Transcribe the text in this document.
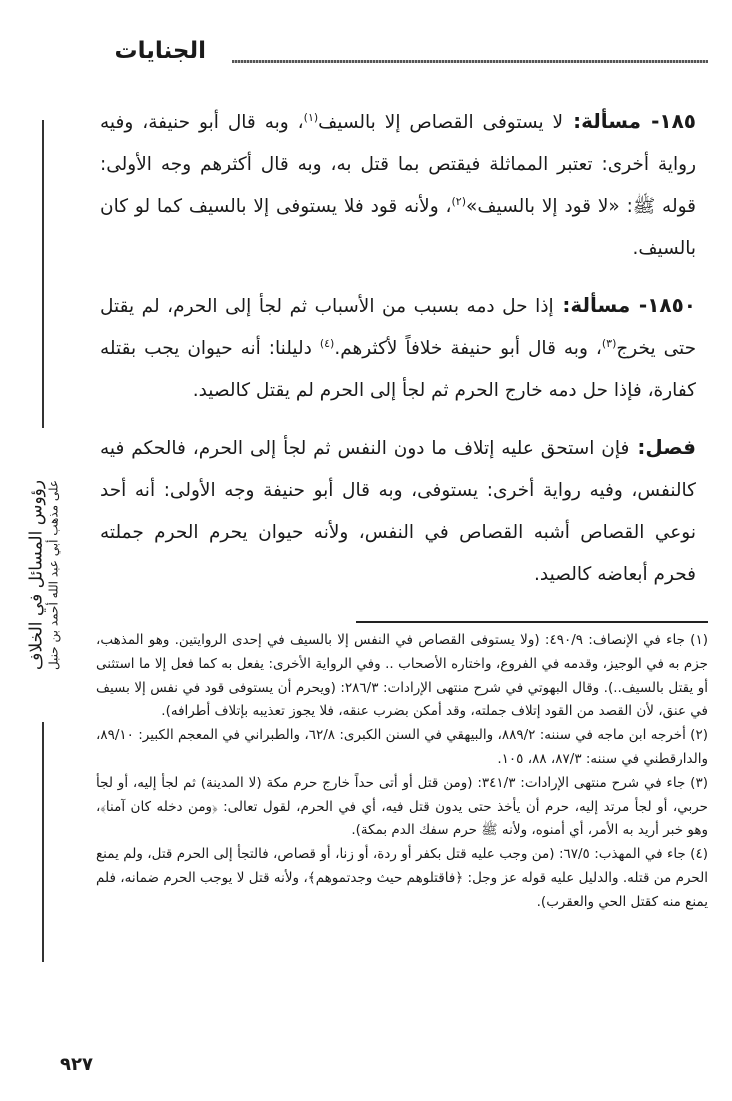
الجنايات
رؤوس المسائل في الخلاف على مذهب أبي عبد الله أحمد بن حنبل

١٨٥- مسألة: لا يستوفى القصاص إلا بالسيف$^{(١)}$، وبه قال أبو حنيفة، وفيه رواية أخرى: تعتبر المماثلة فيقتص بما قتل به، وبه قال أكثرهم وجه الأولى: قوله ﷺ: «لا قود إلا بالسيف»$^{(٢)}$، ولأنه قود فلا يستوفى إلا بالسيف كما لو كان بالسيف.

١٨٥٠- مسألة: إذا حل دمه بسبب من الأسباب ثم لجأ إلى الحرم، لم يقتل حتى يخرج$^{(٣)}$، وبه قال أبو حنيفة خلافاً لأكثرهم.$^{(٤)}$ دليلنا: أنه حيوان يجب بقتله كفارة، فإذا حل دمه خارج الحرم ثم لجأ إلى الحرم لم يقتل كالصيد.

فصل: فإن استحق عليه إتلاف ما دون النفس ثم لجأ إلى الحرم، فالحكم فيه كالنفس، وفيه رواية أخرى: يستوفى، وبه قال أبو حنيفة وجه الأولى: أنه أحد نوعي القصاص أشبه القصاص في النفس، ولأنه حيوان يحرم الحرم جملته فحرم أبعاضه كالصيد.

(١) جاء في الإنصاف: ٤٩٠/٩: (ولا يستوفى القصاص في النفس إلا بالسيف في إحدى الروايتين. وهو المذهب، جزم به في الوجيز، وقدمه في الفروع، واختاره الأصحاب .. وفي الرواية الأخرى: يفعل به كما فعل إلا ما استثنى أو يقتل بالسيف..). وقال البهوتي في شرح منتهى الإرادات: ٢٨٦/٣: (ويحرم أن يستوفى قود في نفس إلا بسيف في عنق، لأن القصد من القود إتلاف جملته، وقد أمكن بضرب عنقه، فلا يجوز تعذيبه بإتلاف أطرافه).

(٢) أخرجه ابن ماجه في سننه: ٨٨٩/٢، والبيهقي في السنن الكبرى: ٦٢/٨، والطبراني في المعجم الكبير: ٨٩/١٠، والدارقطني في سننه: ٨٧/٣، ٨٨، ١٠٥.

(٣) جاء في شرح منتهى الإرادات: ٣٤١/٣: (ومن قتل أو أتى حداً خارج حرم مكة (لا المدينة) ثم لجأ إليه، أو لجأ حربي، أو لجأ مرتد إليه، حرم أن يأخذ حتى يدون قتل فيه، أي في الحرم، لقول تعالى: ﴿ومن دخله كان آمنا﴾، وهو خبر أريد به الأمر، أي أمنوه، ولأنه ﷺ حرم سفك الدم بمكة).

(٤) جاء في المهذب: ٦٧/٥: (من وجب عليه قتل بكفر أو ردة، أو زنا، أو قصاص، فالتجأ إلى الحرم قتل، ولم يمنع الحرم من قتله. والدليل عليه قوله عز وجل: ﴿فاقتلوهم حيث وجدتموهم﴾، ولأنه قتل لا يوجب الحرم ضمانه، فلم يمنع منه كقتل الحي والعقرب).

٩٢٧
